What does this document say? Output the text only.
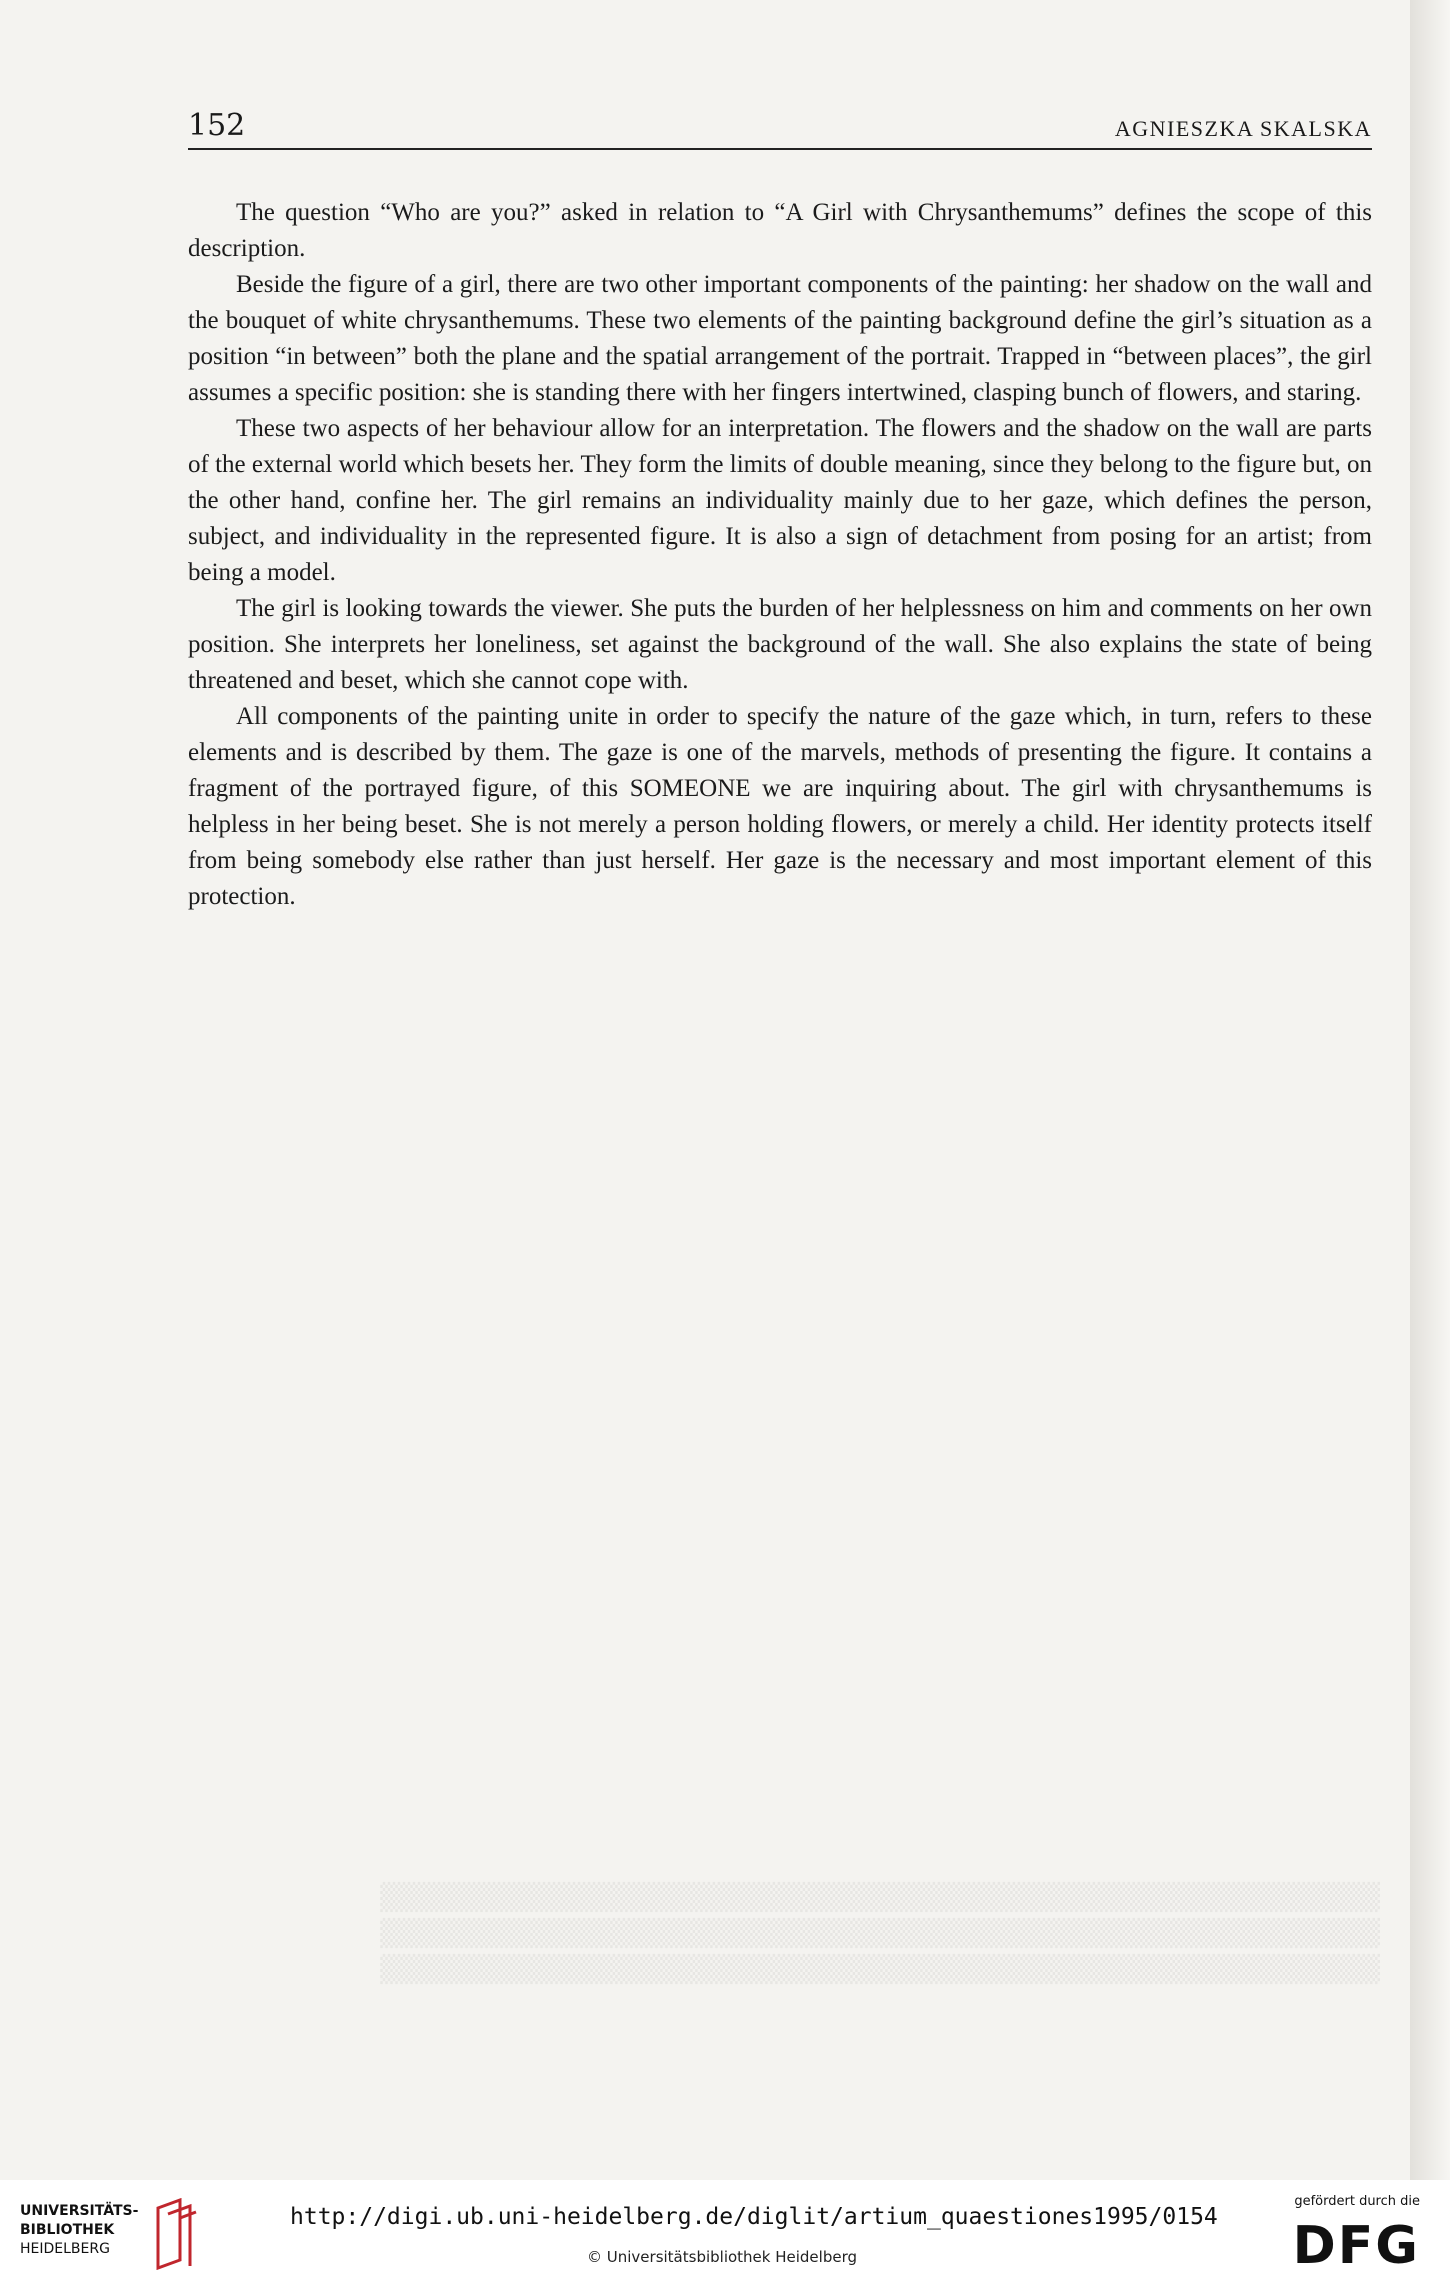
▒▒▒▒▒▒▒▒▒▒▒▒▒▒▒▒▒▒▒▒▒▒▒▒▒▒▒▒▒▒▒▒▒▒▒▒▒▒▒▒▒▒▒▒▒▒▒▒▒▒
▒▒▒▒▒▒▒▒▒▒▒▒▒▒▒▒▒▒▒▒▒▒▒▒▒▒▒▒▒▒▒▒▒▒▒▒▒▒▒▒▒▒▒▒▒▒▒▒▒▒
▒▒▒▒▒▒▒▒▒▒▒▒▒▒▒▒▒▒▒▒▒▒▒▒▒▒▒▒▒▒▒▒▒▒▒▒▒▒▒▒▒▒▒▒▒▒▒▒▒▒
152	AGNIESZKA SKALSKA

The question “Who are you?” asked in relation to “A Girl with Chrysanthemums” defines the scope of this description.

Beside the figure of a girl, there are two other important components of the painting: her shadow on the wall and the bouquet of white chrysanthemums. These two elements of the painting background define the girl’s situation as a position “in between” both the plane and the spatial arrangement of the portrait. Trapped in “between places”, the girl assumes a specific position: she is standing there with her fingers intertwined, clasping bunch of flowers, and staring.

These two aspects of her behaviour allow for an interpretation. The flowers and the shadow on the wall are parts of the external world which besets her. They form the limits of double meaning, since they belong to the figure but, on the other hand, confine her. The girl remains an individuality mainly due to her gaze, which defines the person, subject, and individuality in the represented figure. It is also a sign of detachment from posing for an artist; from being a model.

The girl is looking towards the viewer. She puts the burden of her helplessness on him and comments on her own position. She interprets her loneliness, set against the background of the wall. She also explains the state of being threatened and beset, which she cannot cope with.

All components of the painting unite in order to specify the nature of the gaze which, in turn, refers to these elements and is described by them. The gaze is one of the marvels, methods of presenting the figure. It contains a fragment of the portrayed figure, of this SOMEONE we are inquiring about. The girl with chrysanthemums is helpless in her being beset. She is not merely a person holding flowers, or merely a child. Her identity protects itself from being somebody else rather than just herself. Her gaze is the necessary and most important element of this protection.

UNIVERSITÄTS-
BIBLIOTHEK
HEIDELBERG
http://digi.ub.uni-heidelberg.de/diglit/artium_quaestiones1995/0154
© Universitätsbibliothek Heidelberg
gefördert durch die
DFG
